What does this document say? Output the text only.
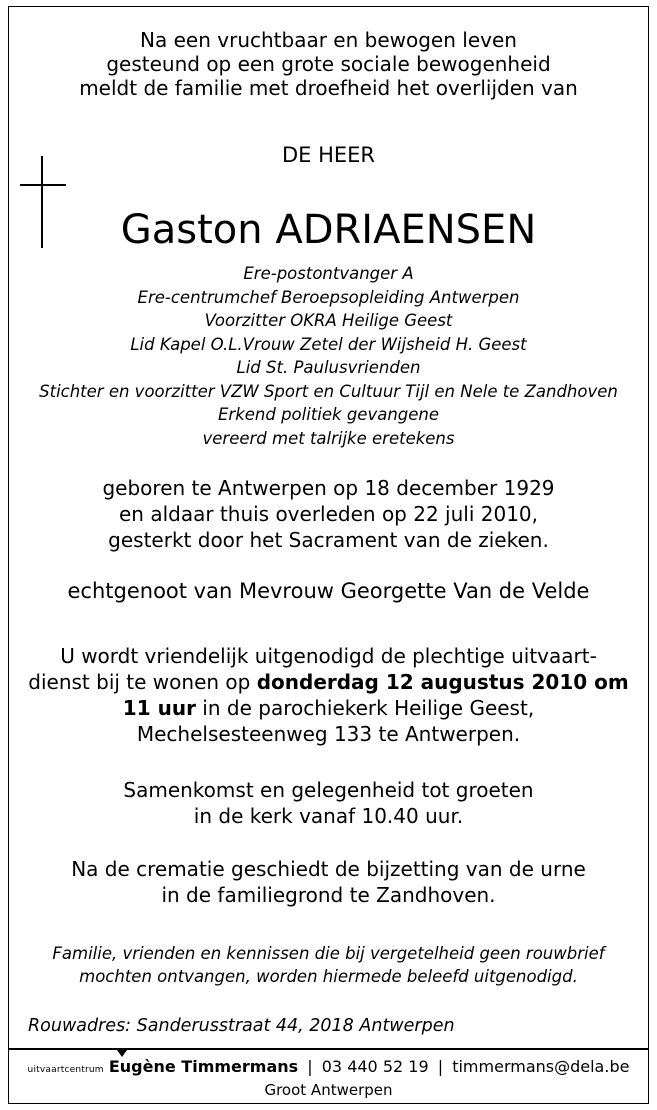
Na een vruchtbaar en bewogen leven
gesteund op een grote sociale bewogenheid
meldt de familie met droefheid het overlijden van
DE HEER
Gaston ADRIAENSEN
Ere-postontvanger A
Ere-centrumchef Beroepsopleiding Antwerpen
Voorzitter OKRA Heilige Geest
Lid Kapel O.L.Vrouw Zetel der Wijsheid H. Geest
Lid St. Paulusvrienden
Stichter en voorzitter VZW Sport en Cultuur Tijl en Nele te Zandhoven
Erkend politiek gevangene
vereerd met talrijke eretekens
geboren te Antwerpen op 18 december 1929
en aldaar thuis overleden op 22 juli 2010,
gesterkt door het Sacrament van de zieken.
echtgenoot van Mevrouw Georgette Van de Velde
U wordt vriendelijk uitgenodigd de plechtige uitvaart-
dienst bij te wonen op donderdag 12 augustus 2010 om
11 uur in de parochiekerk Heilige Geest,
Mechelsesteenweg 133 te Antwerpen.
Samenkomst en gelegenheid tot groeten
in de kerk vanaf 10.40 uur.
Na de crematie geschiedt de bijzetting van de urne
in de familiegrond te Zandhoven.
Familie, vrienden en kennissen die bij vergetelheid geen rouwbrief
mochten ontvangen, worden hiermede beleefd uitgenodigd.
Rouwadres: Sanderusstraat 44, 2018 Antwerpen
uitvaartcentrum Eugène Timmermans | 03 440 52 19 | timmermans@dela.be
Groot Antwerpen
